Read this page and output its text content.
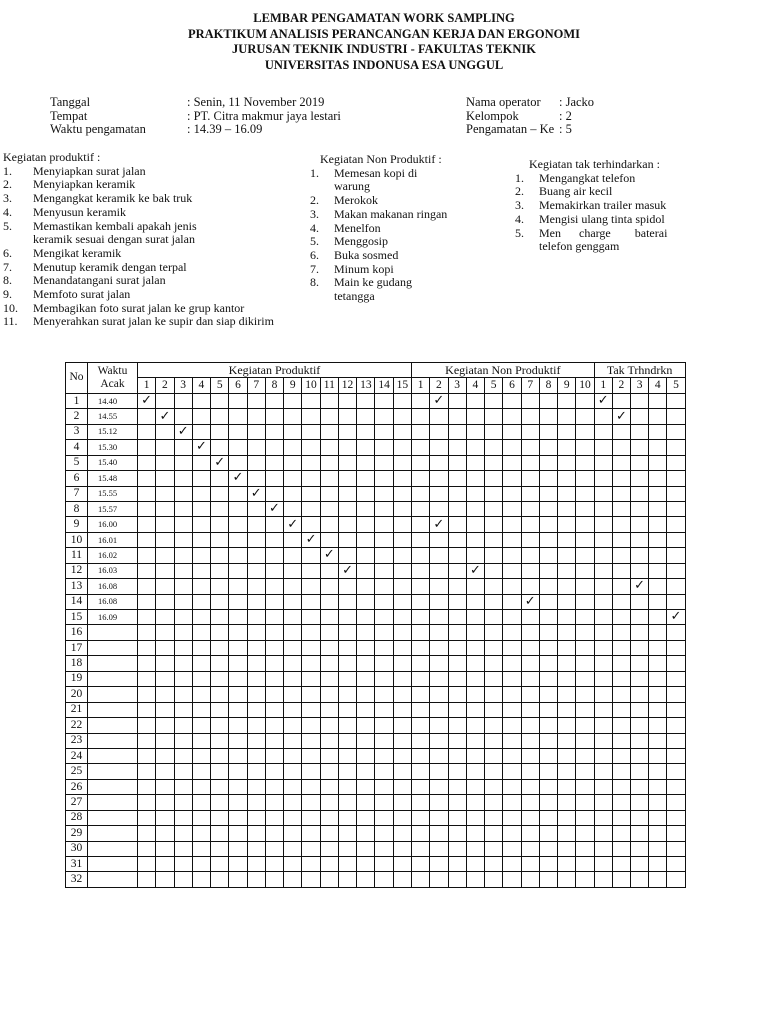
LEMBAR PENGAMATAN WORK SAMPLING
PRAKTIKUM ANALISIS PERANCANGAN KERJA DAN ERGONOMI
JURUSAN TEKNIK INDUSTRI - FAKULTAS TEKNIK
UNIVERSITAS INDONUSA ESA UNGGUL
Tanggal	: Senin, 11 November 2019
Tempat	: PT. Citra makmur jaya lestari
Waktu pengamatan	: 14.39 – 16.09
Nama operator	: Jacko
Kelompok	: 2
Pengamatan – Ke : 5
Kegiatan produktif :
1.	Menyiapkan surat jalan
2.	Menyiapkan keramik
3.	Mengangkat keramik ke bak truk
4.	Menyusun keramik
5.	Memastikan kembali apakah jenis
keramik sesuai dengan surat jalan
6.	Mengikat keramik
7.	Menutup keramik dengan terpal
8.	Menandatangani surat jalan
9.	Memfoto surat jalan
10.	Membagikan foto surat jalan ke grup kantor
11.	Menyerahkan surat jalan ke supir dan siap dikirim
Kegiatan Non Produktif :
1.	Memesan kopi di
warung
2.	Merokok
3.	Makan makanan ringan
4.	Menelfon
5.	Menggosip
6.	Buka sosmed
7.	Minum kopi
8.	Main ke gudang
tetangga
Kegiatan tak terhindarkan :
1.	Mengangkat telefon
2.	Buang air kecil
3.	Memakirkan trailer masuk
4.	Mengisi ulang tinta spidol
5.	Men      charge        baterai
telefon genggam
No	Waktu
Acak	Kegiatan Produktif															Kegiatan Non Produktif										Tak Trhndrkn				
		1	2	3	4	5	6	7	8	9	10	11	12	13	14	15	1	2	3	4	5	6	7	8	9	10	1	2	3	4	5
1	14.40	✓																✓									✓				
2	14.55		✓																									✓			
3	15.12			✓																											
4	15.30				✓																										
5	15.40					✓																									
6	15.48						✓																								
7	15.55							✓																							
8	15.57								✓																						
9	16.00									✓								✓													
10	16.01										✓																				
11	16.02											✓																			
12	16.03												✓							✓											
13	16.08																												✓		
14	16.08																						✓								
15	16.09																														✓
16																															
17																															
18																															
19																															
20																															
21																															
22																															
23																															
24																															
25																															
26																															
27																															
28																															
29																															
30																															
31																															
32																															
